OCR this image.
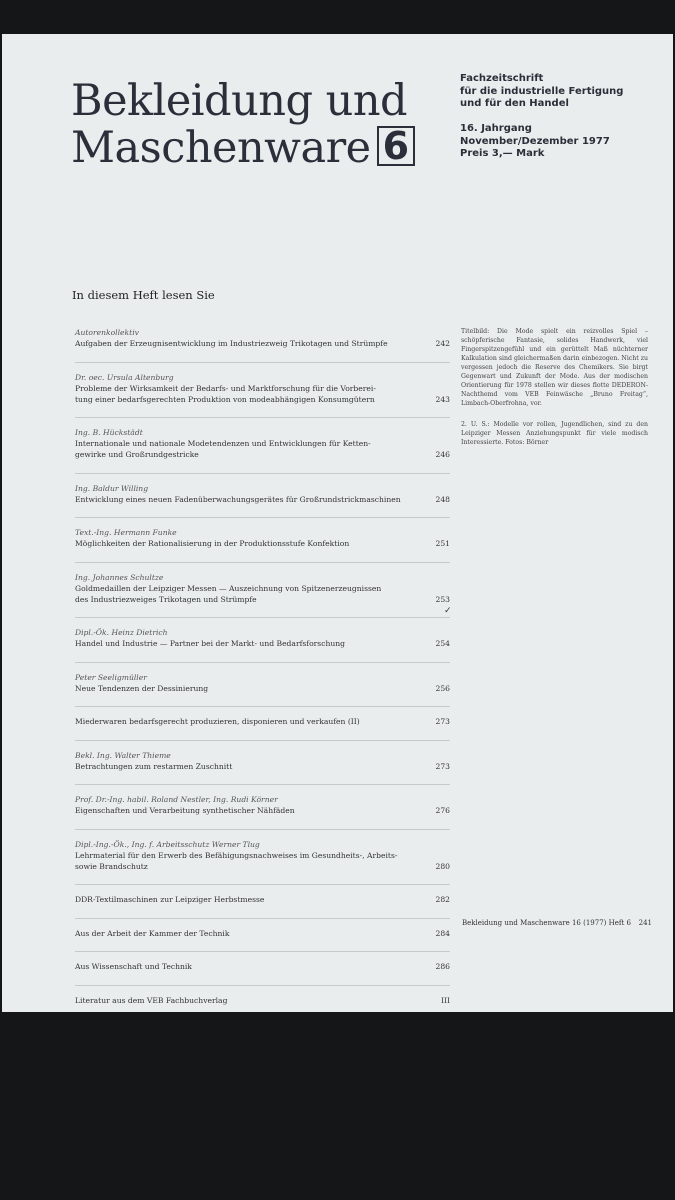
Bekleidung und
Maschenware 6
Fachzeitschrift
für die industrielle Fertigung
und für den Handel
16. Jahrgang
November/Dezember 1977
Preis 3,— Mark
In diesem Heft lesen Sie
Autorenkollektiv
Aufgaben der Erzeugnisentwicklung im Industriezweig Trikotagen und Strümpfe	242
Dr. oec. Ursula Altenburg
Probleme der Wirksamkeit der Bedarfs- und Marktforschung für die Vorberei-
tung einer bedarfsgerechten Produktion von modeabhängigen Konsumgütern	243
Ing. B. Hückstädt
Internationale und nationale Modetendenzen und Entwicklungen für Ketten-
gewirke und Großrundgestricke	246
Ing. Baldur Willing
Entwicklung eines neuen Fadenüberwachungsgerätes für Großrundstrickmaschinen	248
Text.-Ing. Hermann Funke
Möglichkeiten der Rationalisierung in der Produktionsstufe Konfektion	251
Ing. Johannes Schultze
Goldmedaillen der Leipziger Messen — Auszeichnung von Spitzenerzeugnissen
des Industriezweiges Trikotagen und Strümpfe	253
Dipl.-Ök. Heinz Dietrich
Handel und Industrie — Partner bei der Markt- und Bedarfsforschung	254
Peter Seeligmüller
Neue Tendenzen der Dessinierung	256
Miederwaren bedarfsgerecht produzieren, disponieren und verkaufen (II)	273
Bekl. Ing. Walter Thieme
Betrachtungen zum restarmen Zuschnitt	273
Prof. Dr.-Ing. habil. Roland Nestler, Ing. Rudi Körner
Eigenschaften und Verarbeitung synthetischer Nähfäden	276
Dipl.-Ing.-Ök., Ing. f. Arbeitsschutz Werner Tlug
Lehrmaterial für den Erwerb des Befähigungsnachweises im Gesundheits-, Arbeits-
sowie Brandschutz	280
DDR-Textilmaschinen zur Leipziger Herbstmesse	282
Aus der Arbeit der Kammer der Technik	284
Aus Wissenschaft und Technik	286
Literatur aus dem VEB Fachbuchverlag	III
✓

Titelbild: Die Mode spielt ein reizvolles Spiel – schöpferische Fantasie, solides Handwerk, viel Fingerspitzengefühl und ein gerüttelt Maß nüchterner Kalkulation sind gleichermaßen darin einbezogen. Nicht zu vergessen jedoch die Reserve des Chemikers. Sie birgt Gegenwart und Zukunft der Mode. Aus der modischen Orientierung für 1978 stellen wir dieses flotte DEDERON-Nachthemd vom VEB Feinwäsche „Bruno Freitag“, Limbach-Oberfrohna, vor.

2. U. S.: Modelle vor rollen, Jugendlichen, sind zu den Leipziger Messen Anziehungspunkt für viele modisch Interessierte. Fotos: Börner

Bekleidung und Maschenware 16 (1977) Heft 6 241
